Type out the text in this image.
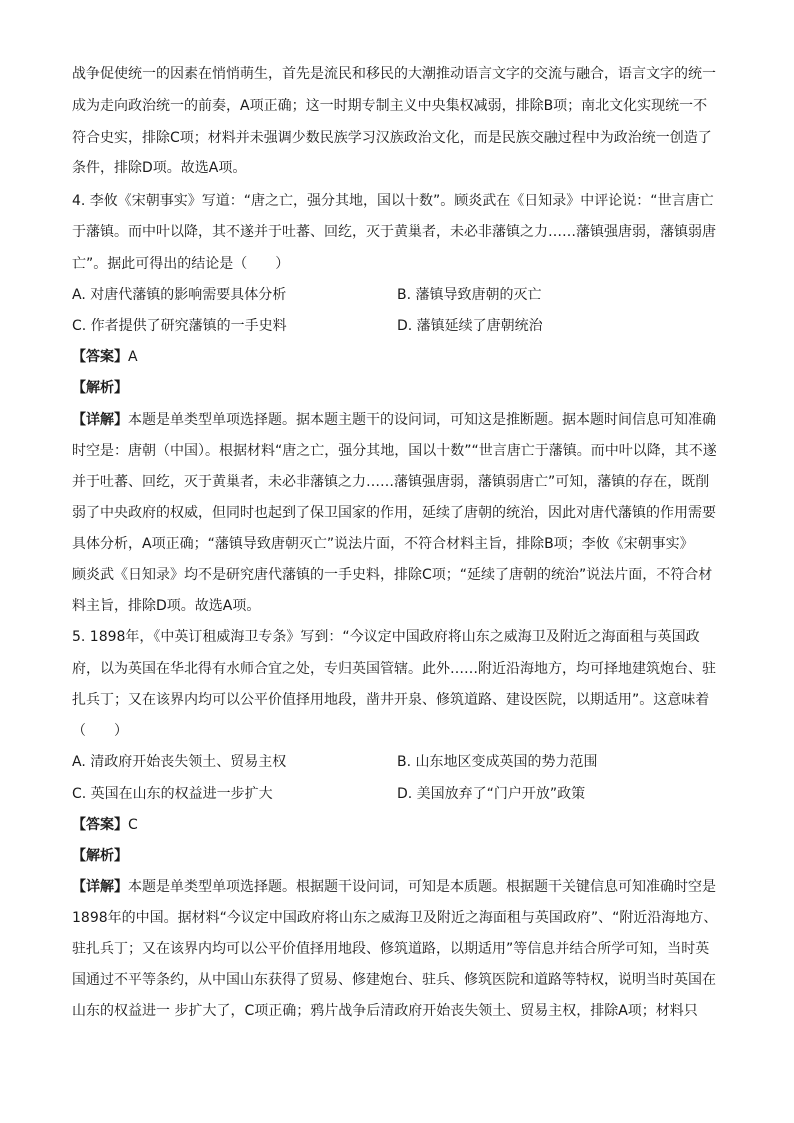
战争促使统一的因素在悄悄萌生，首先是流民和移民的大潮推动语言文字的交流与融合，语言文字的统一
成为走向政治统一的前奏，A项正确；这一时期专制主义中央集权减弱，排除B项；南北文化实现统一不
符合史实，排除C项；材料并未强调少数民族学习汉族政治文化，而是民族交融过程中为政治统一创造了
条件，排除D项。故选A项。
4. 李攸《宋朝事实》写道：“唐之亡，强分其地，国以十数”。顾炎武在《日知录》中评论说：“世言唐亡
于藩镇。而中叶以降，其不遂并于吐蕃、回纥，灭于黄巢者，未必非藩镇之力……藩镇强唐弱，藩镇弱唐
亡”。据此可得出的结论是（　　）
A. 对唐代藩镇的影响需要具体分析	B. 藩镇导致唐朝的灭亡
C. 作者提供了研究藩镇的一手史料	D. 藩镇延续了唐朝统治
【答案】A
【解析】
【详解】本题是单类型单项选择题。据本题主题干的设问词，可知这是推断题。据本题时间信息可知准确
时空是：唐朝（中国）。根据材料“唐之亡，强分其地，国以十数”“世言唐亡于藩镇。而中叶以降，其不遂
并于吐蕃、回纥，灭于黄巢者，未必非藩镇之力……藩镇强唐弱，藩镇弱唐亡”可知，藩镇的存在，既削
弱了中央政府的权威，但同时也起到了保卫国家的作用，延续了唐朝的统治，因此对唐代藩镇的作用需要
具体分析，A项正确；“藩镇导致唐朝灭亡”说法片面，不符合材料主旨，排除B项；李攸《宋朝事实》
顾炎武《日知录》均不是研究唐代藩镇的一手史料，排除C项；“延续了唐朝的统治”说法片面，不符合材
料主旨，排除D项。故选A项。
5. 1898年，《中英订租威海卫专条》写到：“今议定中国政府将山东之威海卫及附近之海面租与英国政
府，以为英国在华北得有水师合宜之处，专归英国管辖。此外……附近沿海地方，均可择地建筑炮台、驻
扎兵丁；又在该界内均可以公平价值择用地段，凿井开泉、修筑道路、建设医院，以期适用”。这意味着
（　　）
A. 清政府开始丧失领土、贸易主权	B. 山东地区变成英国的势力范围
C. 英国在山东的权益进一步扩大	D. 美国放弃了“门户开放”政策
【答案】C
【解析】
【详解】本题是单类型单项选择题。根据题干设问词，可知是本质题。根据题干关键信息可知准确时空是
1898年的中国。据材料“今议定中国政府将山东之威海卫及附近之海面租与英国政府”、“附近沿海地方、
驻扎兵丁；又在该界内均可以公平价值择用地段、修筑道路，以期适用”等信息并结合所学可知，当时英
国通过不平等条约，从中国山东获得了贸易、修建炮台、驻兵、修筑医院和道路等特权，说明当时英国在
山东的权益进一 步扩大了，C项正确；鸦片战争后清政府开始丧失领土、贸易主权，排除A项；材料只
